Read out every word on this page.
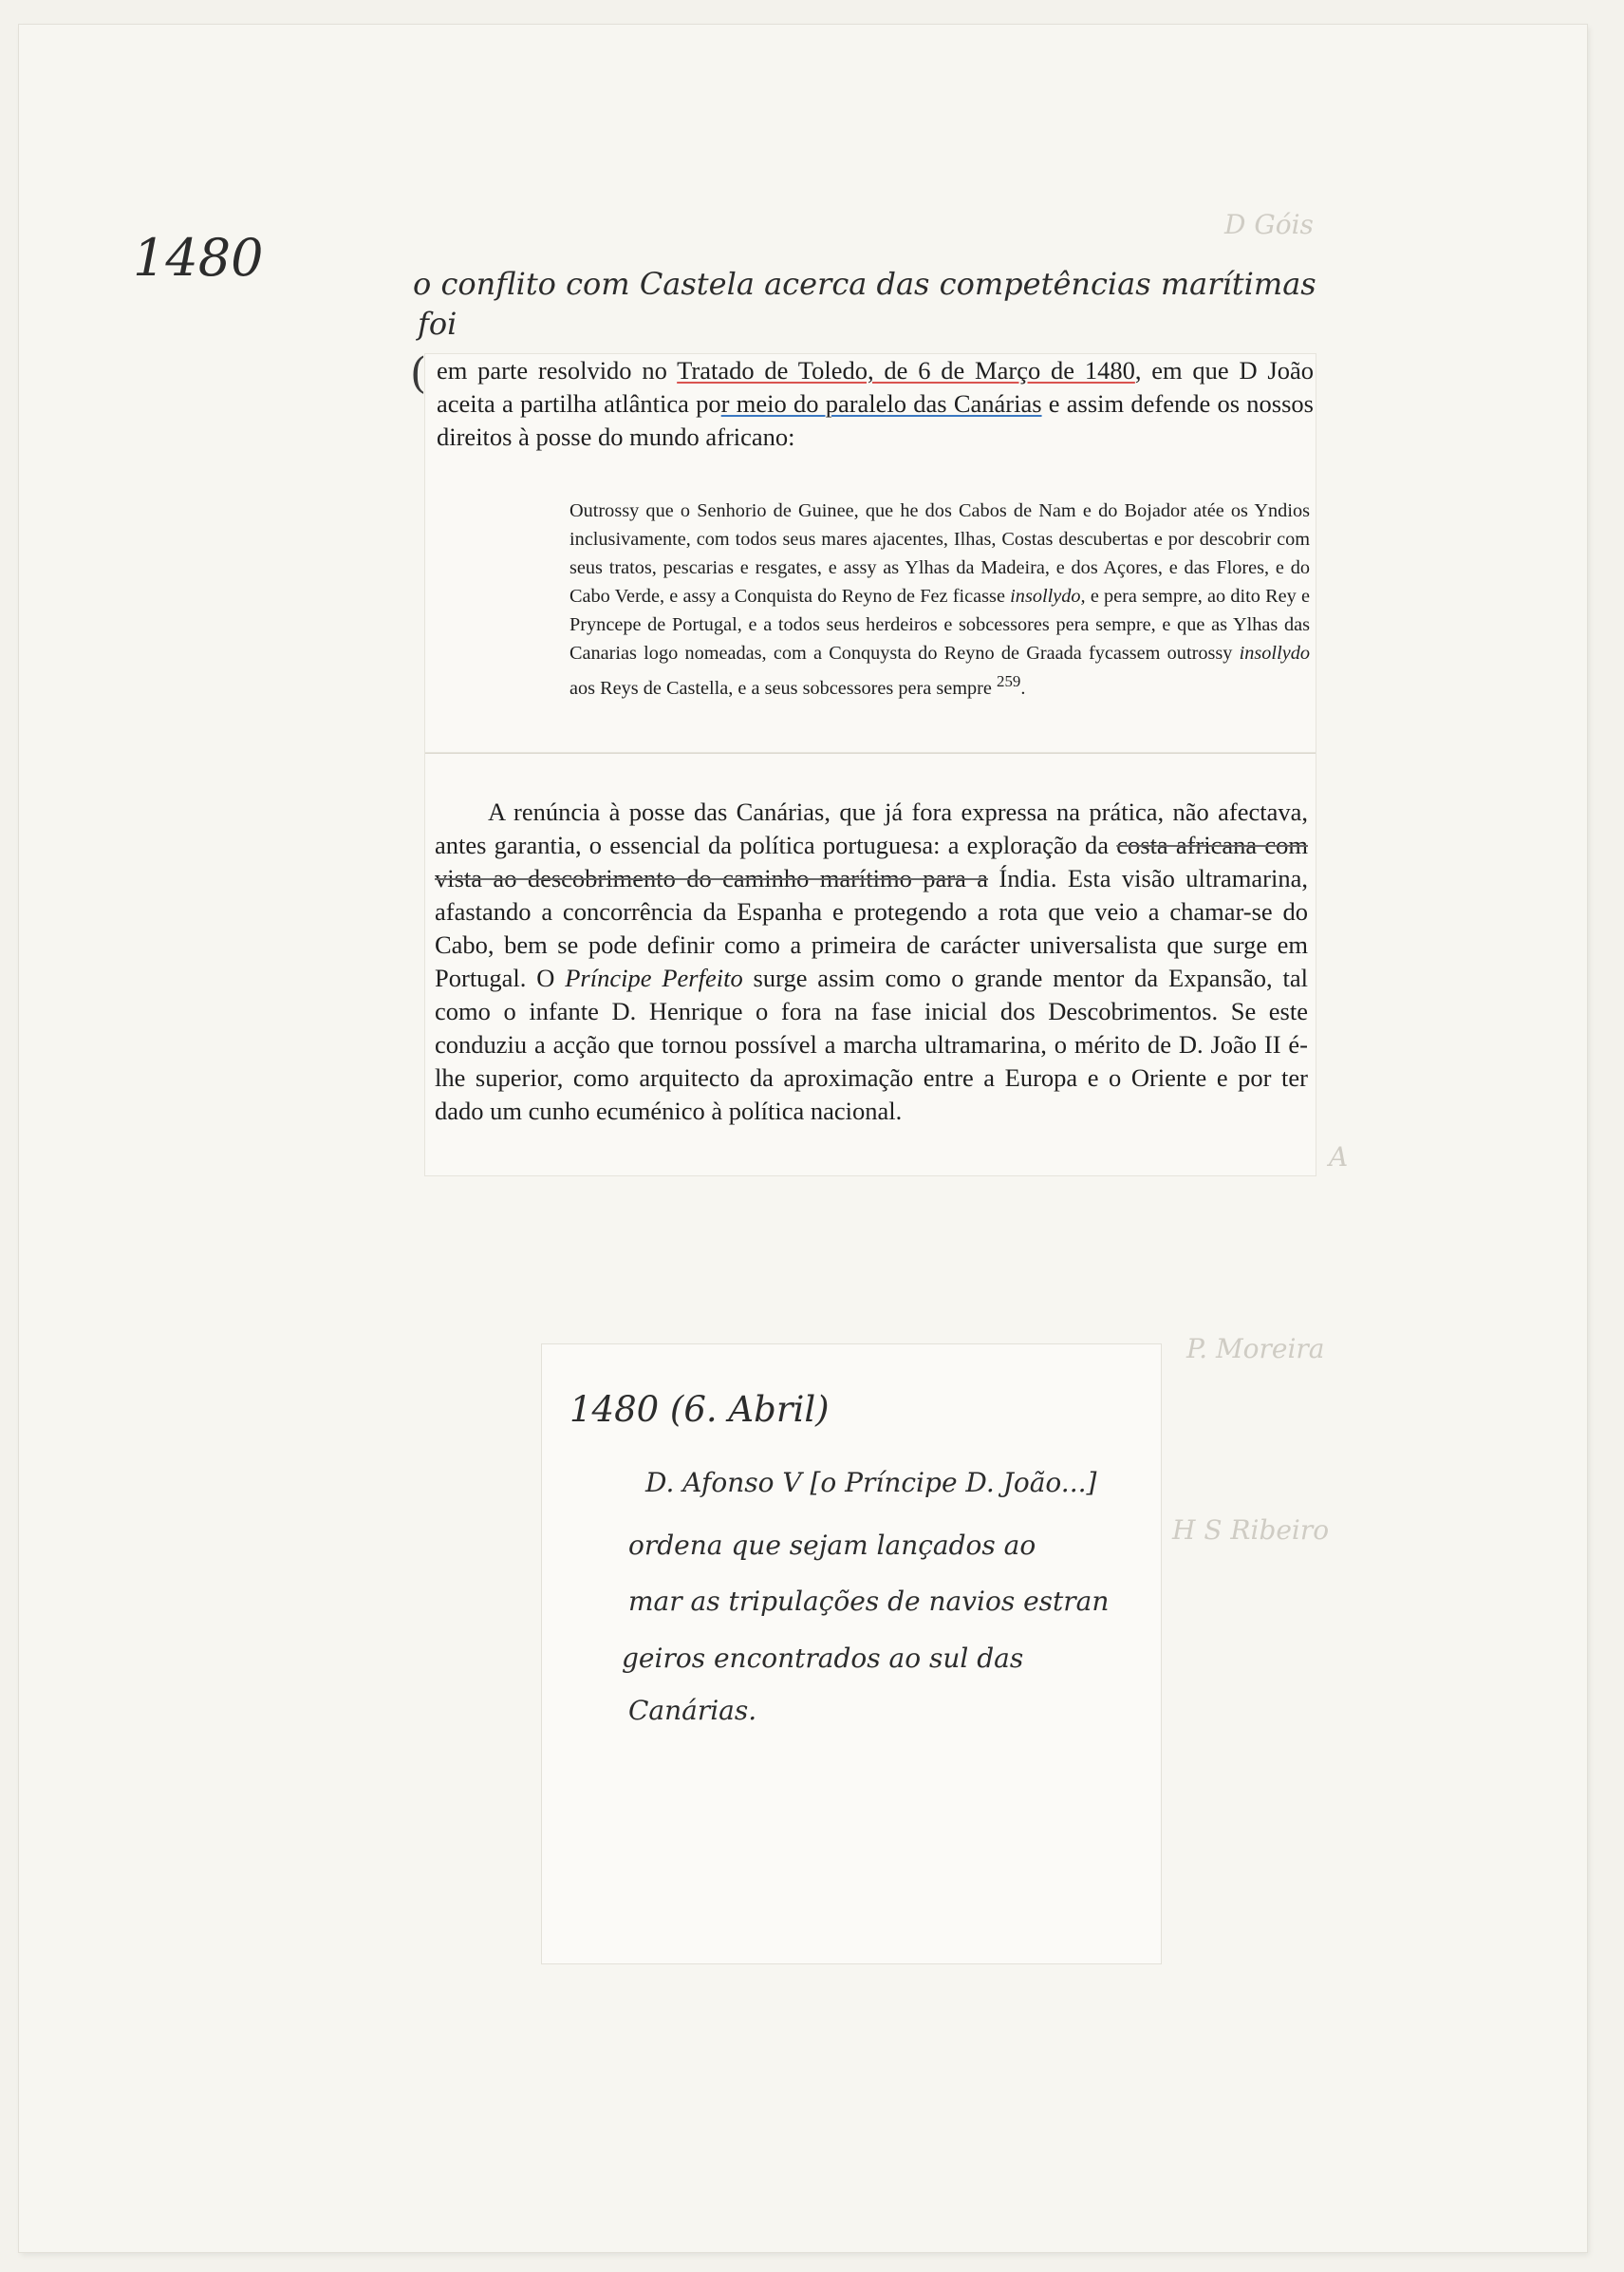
1480	o conflito com Castela acerca das competências marítimas
foi
( em parte resolvido no Tratado de Toledo, de 6 de Março de 1480, em que D João aceita a partilha atlântica por meio do paralelo das Canárias e assim defende os nossos direitos à posse do mundo africano:
Outrossy que o Senhorio de Guinee, que he dos Cabos de Nam e do Bojador atée os Yndios inclusivamente, com todos seus mares ajacentes, Ilhas, Costas descubertas e por descobrir com seus tratos, pescarias e resgates, e assy as Ylhas da Madeira, e dos Açores, e das Flores, e do Cabo Verde, e assy a Conquista do Reyno de Fez ficasse insollydo, e pera sempre, ao dito Rey e Pryncepe de Portugal, e a todos seus herdeiros e sobcessores pera sempre, e que as Ylhas das Canarias logo nomeadas, com a Conquysta do Reyno de Graada fycassem outrossy insollydo aos Reys de Castella, e a seus sobcessores pera sempre $^{259}$.
A renúncia à posse das Canárias, que já fora expressa na prática, não afectava, antes garantia, o essencial da política portuguesa: a exploração da costa africana com vista ao descobrimento do caminho marítimo para a Índia. Esta visão ultramarina, afastando a concorrência da Espanha e protegendo a rota que veio a chamar-se do Cabo, bem se pode definir como a primeira de carácter universalista que surge em Portugal. O Príncipe Perfeito surge assim como o grande mentor da Expansão, tal como o infante D. Henrique o fora na fase inicial dos Descobrimentos. Se este conduziu a acção que tornou possível a marcha ultramarina, o mérito de D. João II é-lhe superior, como arquitecto da aproximação entre a Europa e o Oriente e por ter dado um cunho ecuménico à política nacional.
D Góis
P. Moreira
H S Ribeiro
A
1480 (6. Abril)
D. Afonso V [o Príncipe D. João...]
ordena que sejam lançados ao
mar as tripulações de navios estran
geiros encontrados ao sul das
Canárias.
